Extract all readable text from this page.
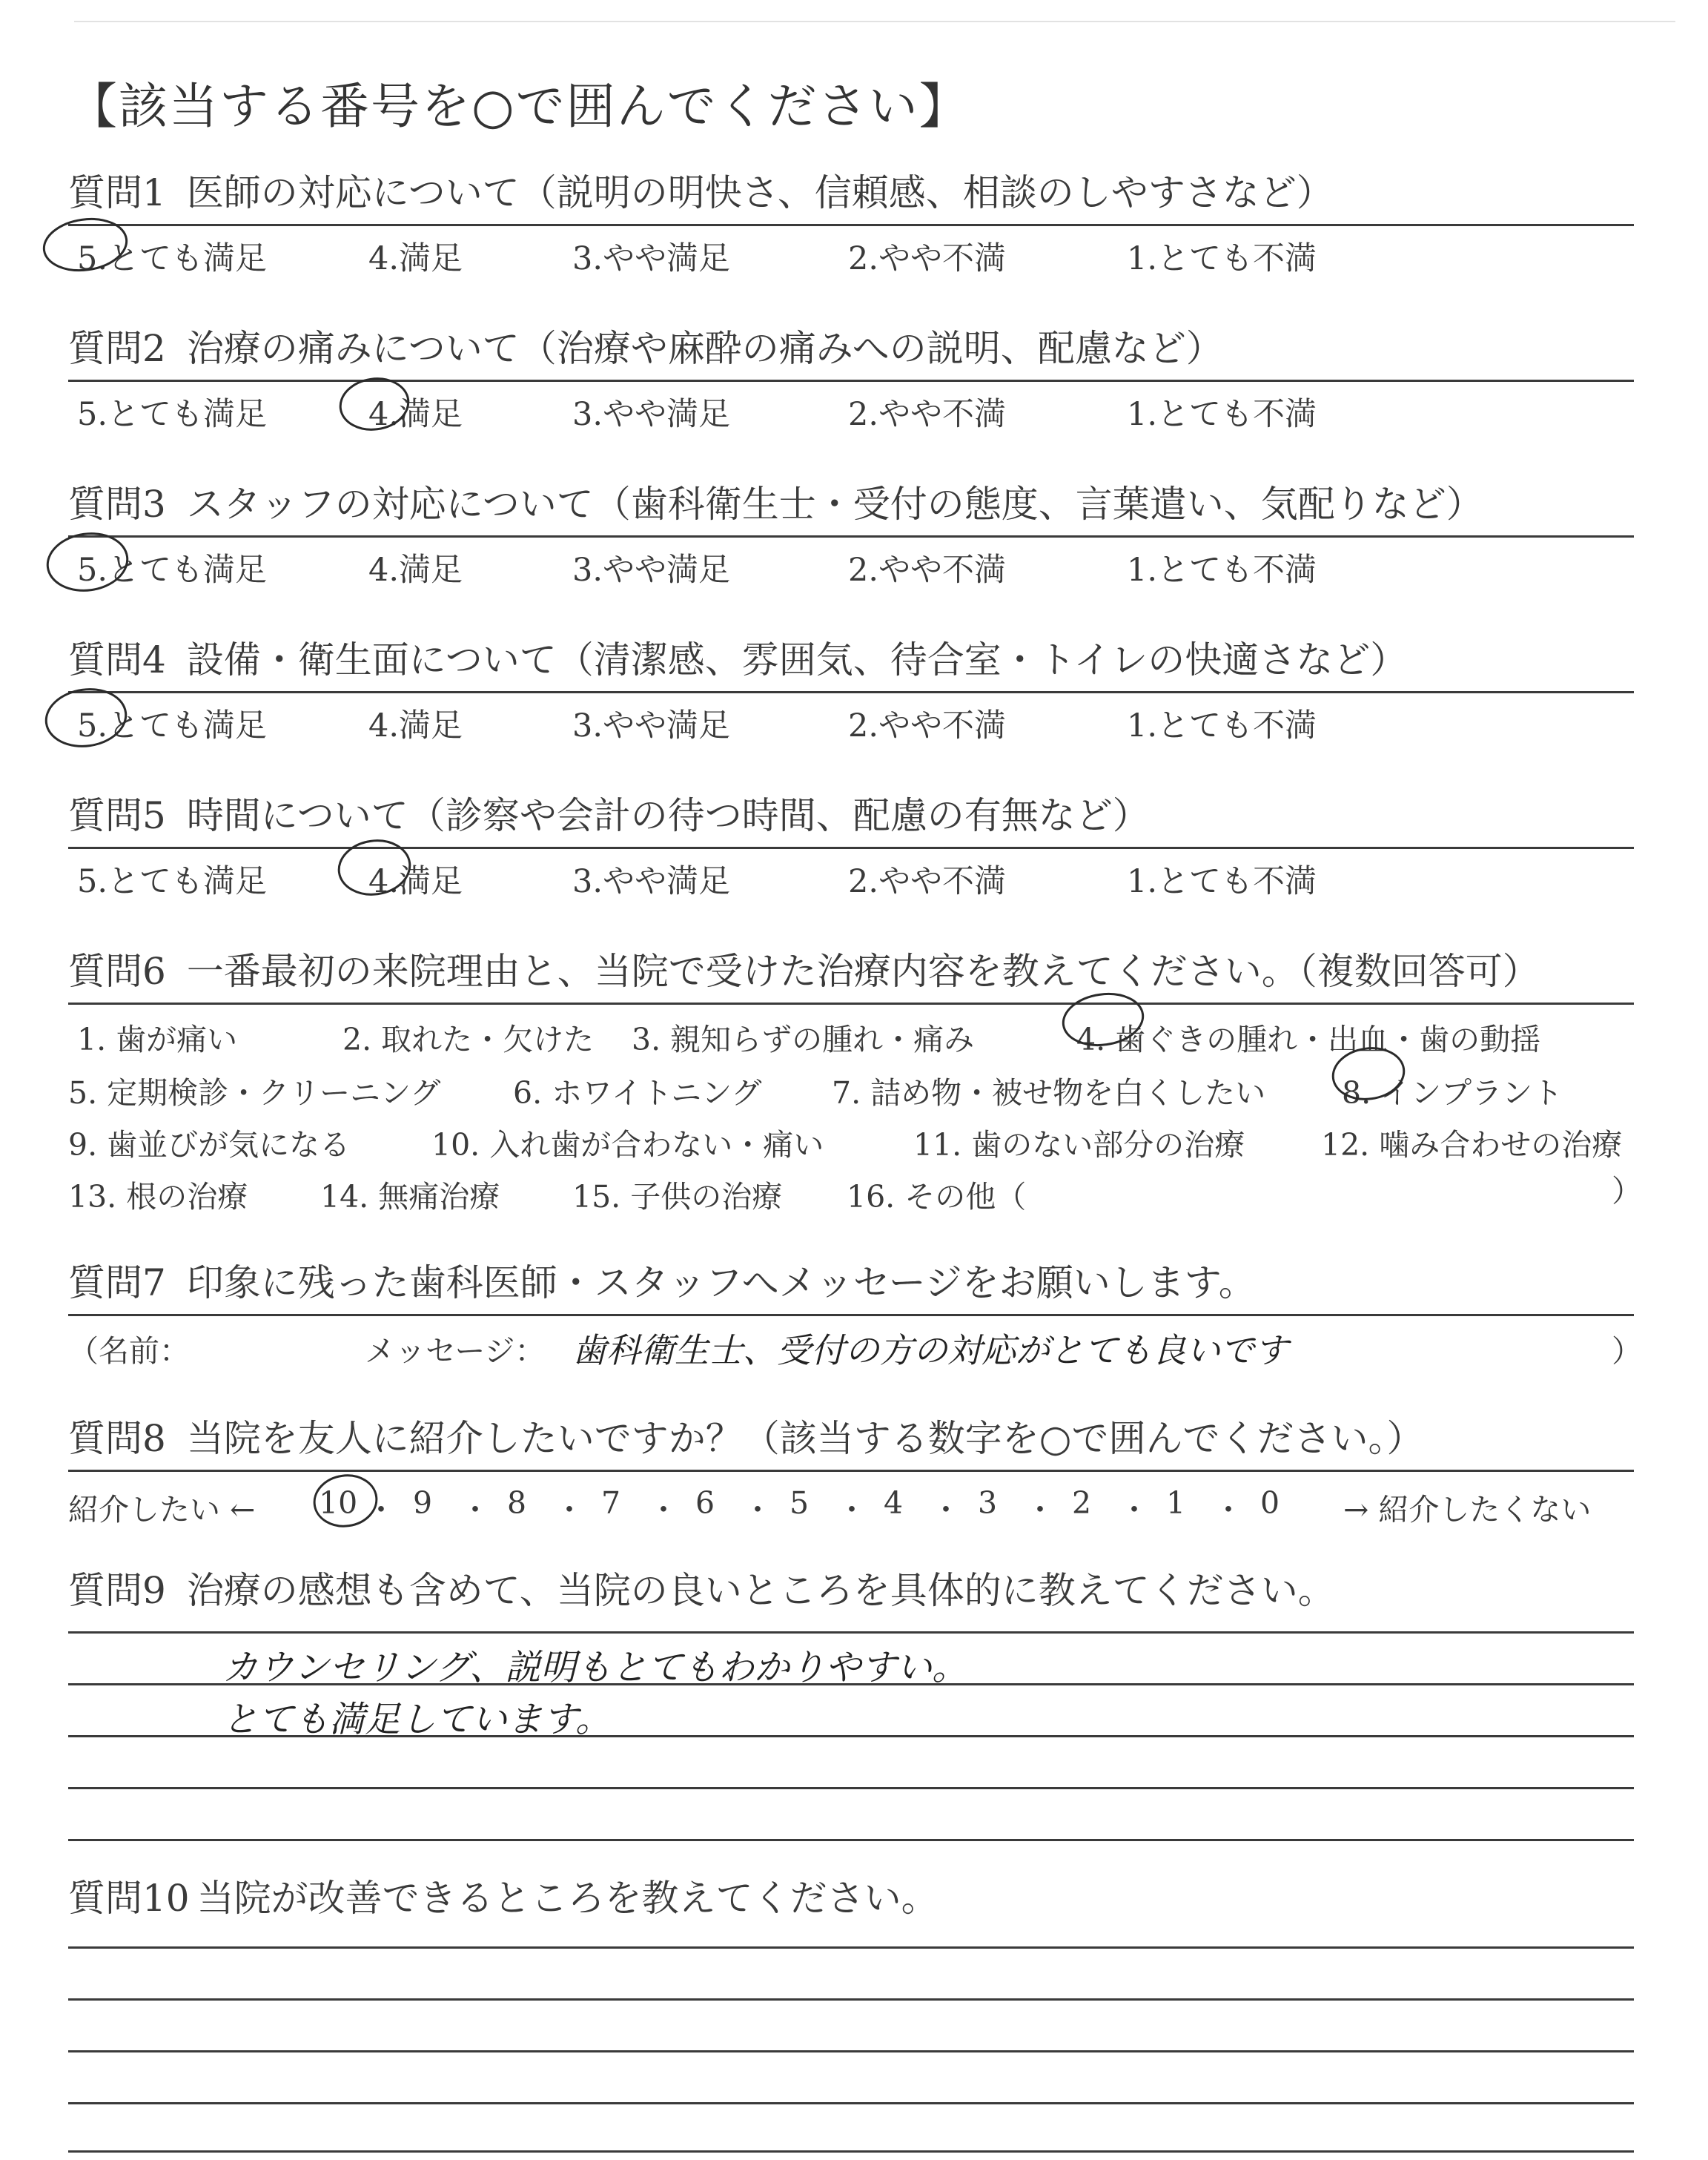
【該当する番号を○で囲んでください】
質問1 医師の対応について（説明の明快さ、信頼感、相談のしやすさなど）
5.とても満足	4.満足	3.やや満足	2.やや不満	1.とても不満
質問2 治療の痛みについて（治療や麻酔の痛みへの説明、配慮など）
5.とても満足	4.満足	3.やや満足	2.やや不満	1.とても不満
質問3 スタッフの対応について（歯科衛生士・受付の態度、言葉遣い、気配りなど）
5.とても満足	4.満足	3.やや満足	2.やや不満	1.とても不満
質問4 設備・衛生面について（清潔感、雰囲気、待合室・トイレの快適さなど）
5.とても満足	4.満足	3.やや満足	2.やや不満	1.とても不満
質問5 時間について（診察や会計の待つ時間、配慮の有無など）
5.とても満足	4.満足	3.やや満足	2.やや不満	1.とても不満
質問6 一番最初の来院理由と、当院で受けた治療内容を教えてください。（複数回答可）
）
1. 歯が痛い	2. 取れた・欠けた 3. 親知らずの腫れ・痛み	4. 歯ぐきの腫れ・出血・歯の動揺
5. 定期検診・クリーニング 6. ホワイトニング 7. 詰め物・被せ物を白くしたい	8. インプラント
9. 歯並びが気になる	10. 入れ歯が合わない・痛い	11. 歯のない部分の治療	12. 噛み合わせの治療
13. 根の治療 14. 無痛治療 15. 子供の治療 16. その他（
質問7 印象に残った歯科医師・スタッフへメッセージをお願いします。
（名前：	メッセージ： 歯科衛生士、受付の方の対応がとても良いです	）
質問8 当院を友人に紹介したいですか？（該当する数字を○で囲んでください。）
紹介したい ←	→ 紹介したくない
10 ・ 9 ・ 8 ・ 7 ・ 6 ・ 5 ・ 4 ・ 3 ・ 2 ・ 1 ・ 0
質問9 治療の感想も含めて、当院の良いところを具体的に教えてください。
カウンセリング、説明もとてもわかりやすい。
とても満足しています。
質問10 当院が改善できるところを教えてください。
